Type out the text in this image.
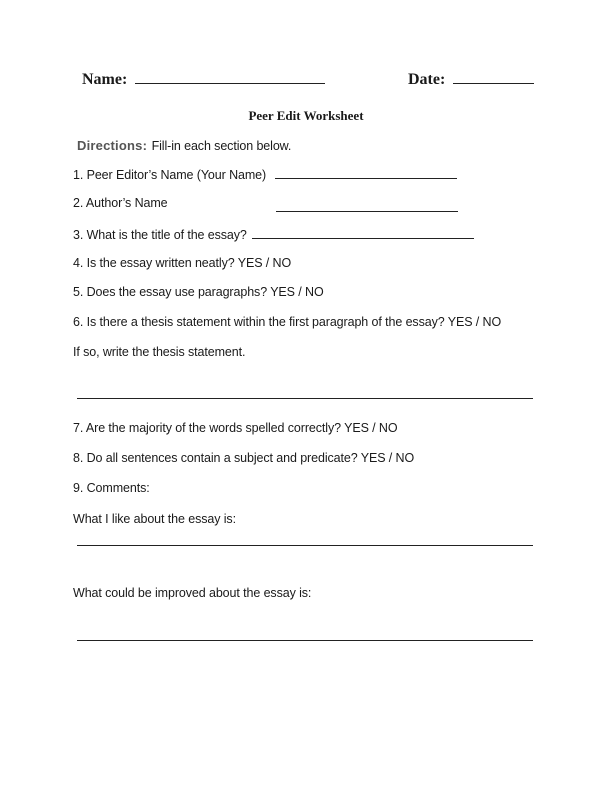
Name:	Date:
Peer Edit Worksheet
Directions: Fill-in each section below.
1. Peer Editor’s Name (Your Name)
2. Author’s Name
3. What is the title of the essay?
4. Is the essay written neatly? YES / NO
5. Does the essay use paragraphs? YES / NO
6. Is there a thesis statement within the first paragraph of the essay? YES / NO
If so, write the thesis statement.
7. Are the majority of the words spelled correctly? YES / NO
8. Do all sentences contain a subject and predicate? YES / NO
9. Comments:
What I like about the essay is:
What could be improved about the essay is:
